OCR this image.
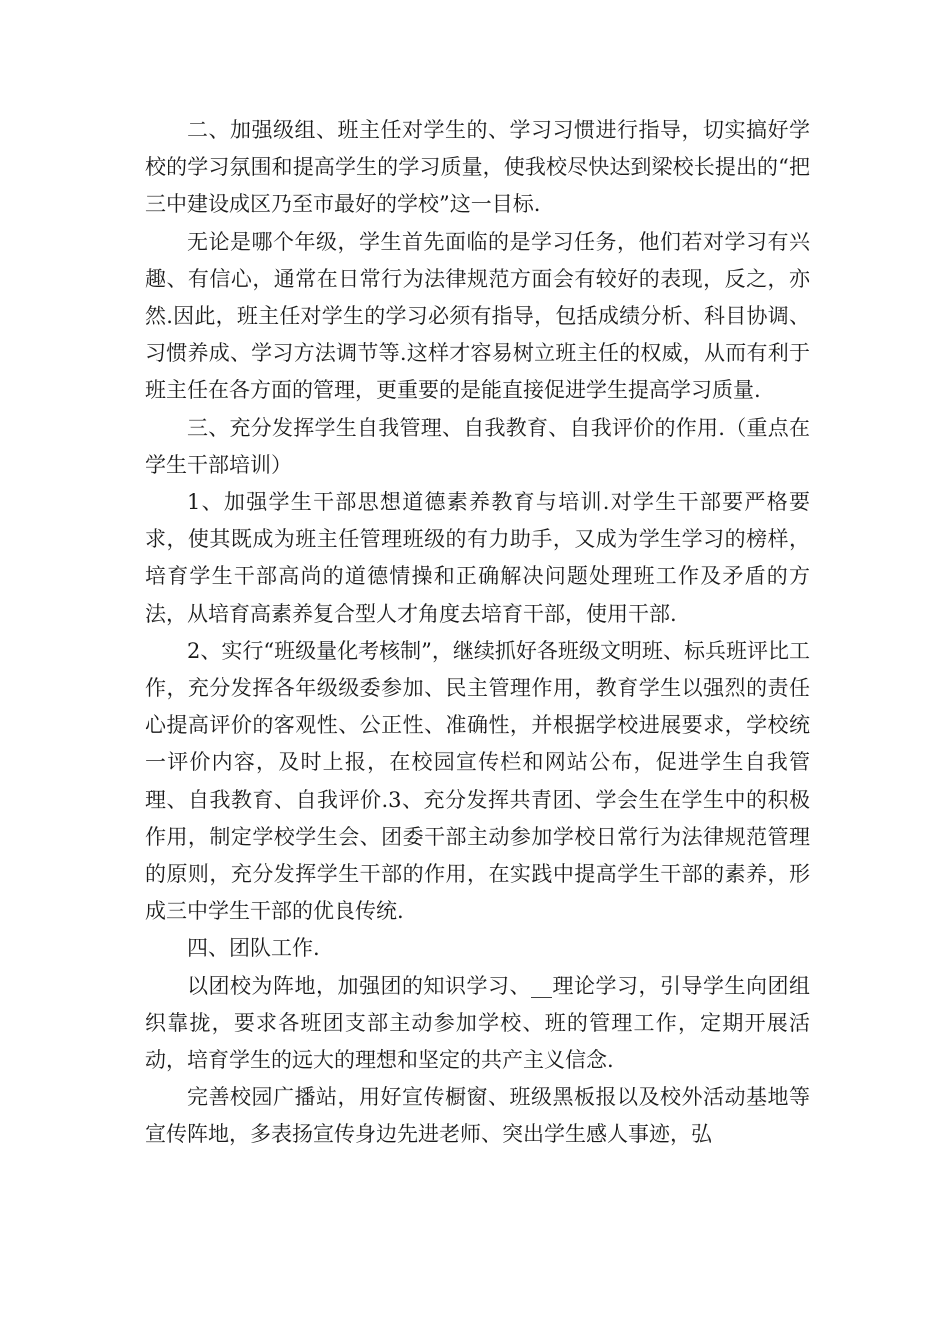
二、加强级组、班主任对学生的、学习习惯进行指导，切实搞好学校的学习氛围和提高学生的学习质量，使我校尽快达到梁校长提出的“把三中建设成区乃至市最好的学校”这一目标.

无论是哪个年级，学生首先面临的是学习任务，他们若对学习有兴趣、有信心，通常在日常行为法律规范方面会有较好的表现，反之，亦然.因此，班主任对学生的学习必须有指导，包括成绩分析、科目协调、习惯养成、学习方法调节等.这样才容易树立班主任的权威，从而有利于班主任在各方面的管理，更重要的是能直接促进学生提高学习质量.

三、充分发挥学生自我管理、自我教育、自我评价的作用.（重点在学生干部培训）

1、加强学生干部思想道德素养教育与培训.对学生干部要严格要求，使其既成为班主任管理班级的有力助手，又成为学生学习的榜样，培育学生干部高尚的道德情操和正确解决问题处理班工作及矛盾的方法，从培育高素养复合型人才角度去培育干部，使用干部.

2、实行“班级量化考核制”，继续抓好各班级文明班、标兵班评比工作，充分发挥各年级级委参加、民主管理作用，教育学生以强烈的责任心提高评价的客观性、公正性、准确性，并根据学校进展要求，学校统一评价内容，及时上报，在校园宣传栏和网站公布，促进学生自我管理、自我教育、自我评价.3、充分发挥共青团、学会生在学生中的积极作用，制定学校学生会、团委干部主动参加学校日常行为法律规范管理的原则，充分发挥学生干部的作用，在实践中提高学生干部的素养，形成三中学生干部的优良传统.

四、团队工作.

以团校为阵地，加强团的知识学习、__理论学习，引导学生向团组织靠拢，要求各班团支部主动参加学校、班的管理工作，定期开展活动，培育学生的远大的理想和坚定的共产主义信念.

完善校园广播站，用好宣传橱窗、班级黑板报以及校外活动基地等宣传阵地，多表扬宣传身边先进老师、突出学生感人事迹，弘
